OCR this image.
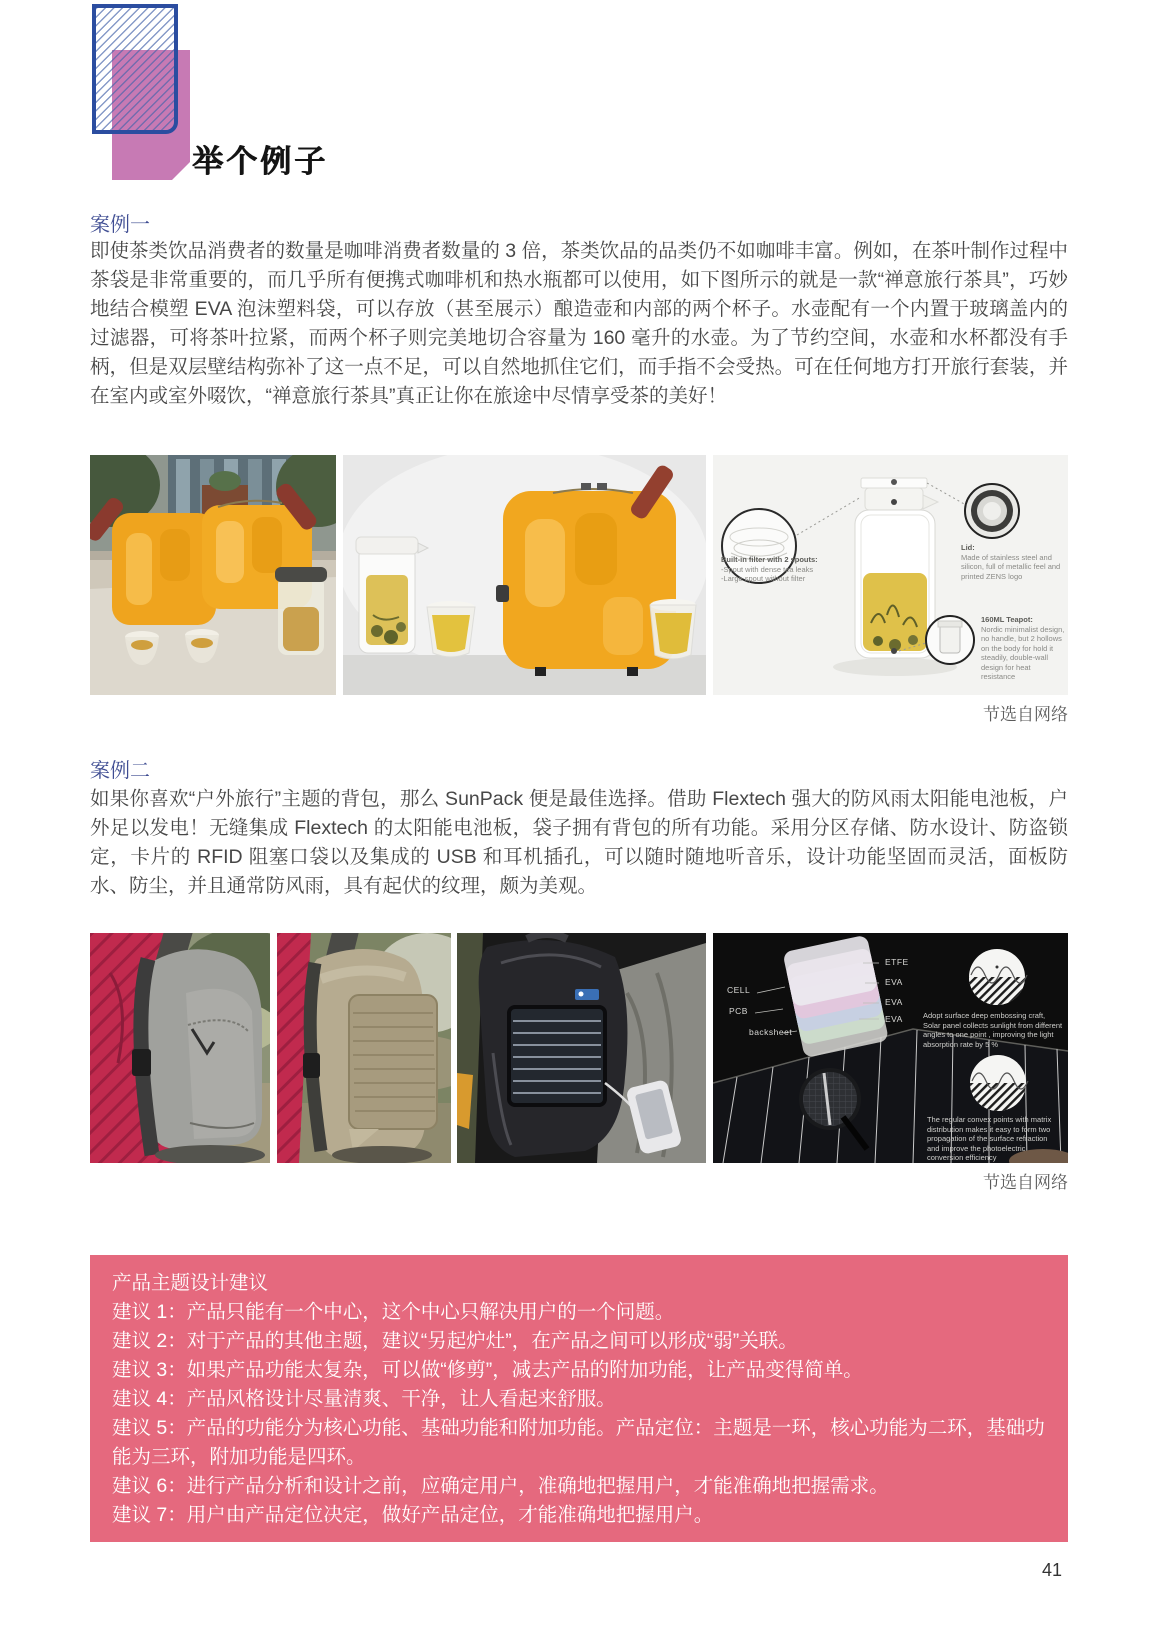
举个例子
案例一
即使茶类饮品消费者的数量是咖啡消费者数量的 3 倍，茶类饮品的品类仍不如咖啡丰富。例如，在茶叶制作过程中茶袋是非常重要的，而几乎所有便携式咖啡机和热水瓶都可以使用，如下图所示的就是一款“禅意旅行茶具”，巧妙地结合模塑 EVA 泡沫塑料袋，可以存放（甚至展示）酿造壶和内部的两个杯子。水壶配有一个内置于玻璃盖内的过滤器，可将茶叶拉紧，而两个杯子则完美地切合容量为 160 毫升的水壶。为了节约空间，水壶和水杯都没有手柄，但是双层壁结构弥补了这一点不足，可以自然地抓住它们，而手指不会受热。可在任何地方打开旅行套装，并在室内或室外啜饮，“禅意旅行茶具”真正让你在旅途中尽情享受茶的美好！
Built-in filter with 2 spouts:
-Spout with dense tea leaks
-Large spout without filter
Lid:
Made of stainless steel and silicon, full of metallic feel and printed ZENS logo
160ML Teapot:
Nordic minimalist design, no handle, but 2 hollows on the body for hold it steadily, double-wall design for heat resistance
节选自网络
案例二
如果你喜欢“户外旅行”主题的背包，那么 SunPack 便是最佳选择。借助 Flextech 强大的防风雨太阳能电池板，户外足以发电！无缝集成 Flextech 的太阳能电池板，袋子拥有背包的所有功能。采用分区存储、防水设计、防盗锁定，卡片的 RFID 阻塞口袋以及集成的 USB 和耳机插孔，可以随时随地听音乐，设计功能坚固而灵活，面板防水、防尘，并且通常防风雨，具有起伏的纹理，颇为美观。
ETFE
EVA
EVA
EVA
CELL
PCB
backsheet
Adopt surface deep embossing craft, Solar panel collects sunlight from different angles to one point , improving the light absorption rate by 5 %
The regular convex points with matrix distribution makes it easy to form two propagation of the surface refraction and improve the photoelectric conversion efficiency
节选自网络
产品主题设计建议
建议 1：产品只能有一个中心，这个中心只解决用户的一个问题。
建议 2：对于产品的其他主题，建议“另起炉灶”，在产品之间可以形成“弱”关联。
建议 3：如果产品功能太复杂，可以做“修剪”，减去产品的附加功能，让产品变得简单。
建议 4：产品风格设计尽量清爽、干净，让人看起来舒服。
建议 5：产品的功能分为核心功能、基础功能和附加功能。产品定位：主题是一环，核心功能为二环，基础功能为三环，附加功能是四环。
建议 6：进行产品分析和设计之前，应确定用户，准确地把握用户，才能准确地把握需求。
建议 7：用户由产品定位决定，做好产品定位，才能准确地把握用户。
41
